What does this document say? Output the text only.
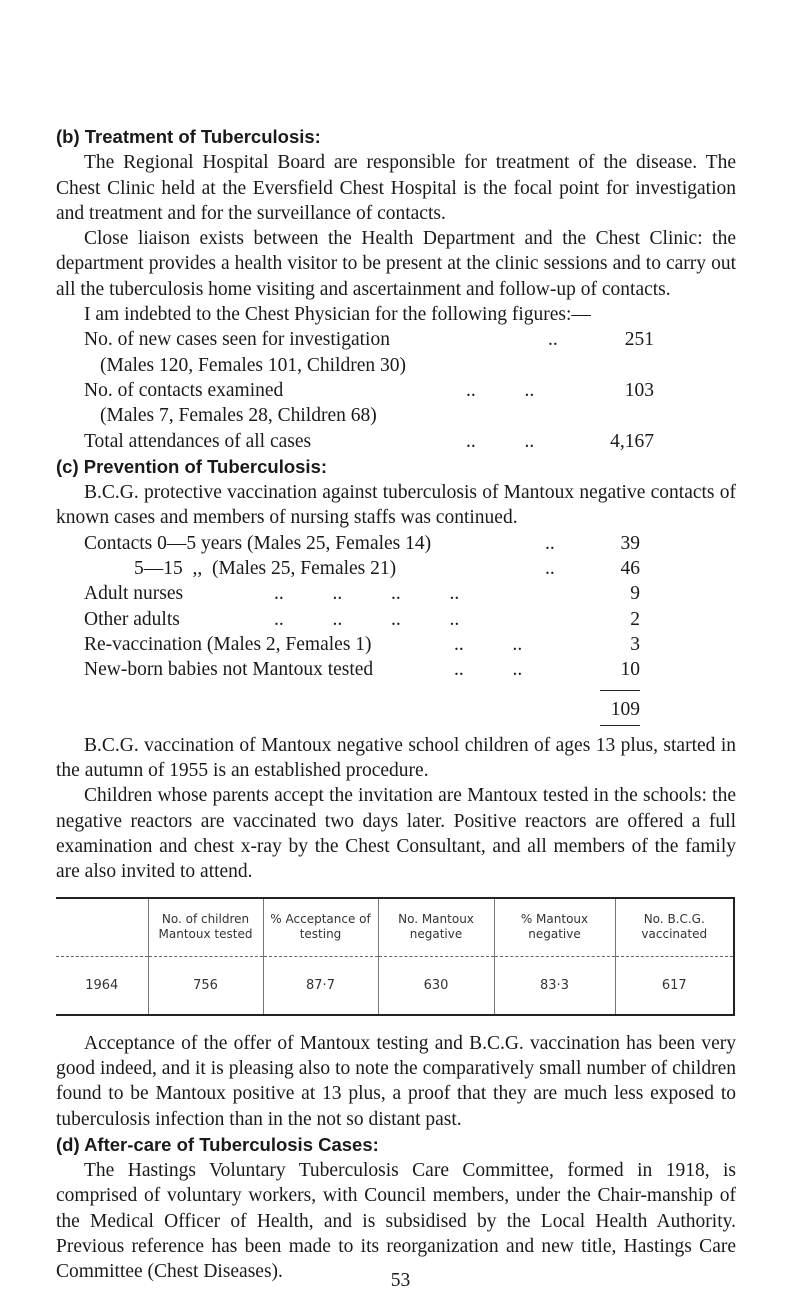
(b) Treatment of Tuberculosis:

The Regional Hospital Board are responsible for treatment of the disease. The Chest Clinic held at the Eversfield Chest Hospital is the focal point for investigation and treatment and for the surveillance of contacts.

Close liaison exists between the Health Department and the Chest Clinic: the department provides a health visitor to be present at the clinic sessions and to carry out all the tuberculosis home visiting and ascertainment and follow-up of contacts.

I am indebted to the Chest Physician for the following figures:—

No. of new cases seen for investigation	..	251
(Males 120, Females 101, Children 30)
No. of contacts examined	..          ..	103
(Males 7, Females 28, Children 68)
Total attendances of all cases	..          ..	4,167
(c) Prevention of Tuberculosis:

B.C.G. protective vaccination against tuberculosis of Mantoux negative contacts of known cases and members of nursing staffs was continued.

Contacts 0—5 years (Males 25, Females 14)	..	39
5—15  ,,  (Males 25, Females 21)	..	46
Adult nurses	..          ..          ..          ..	9
Other adults	..          ..          ..          ..	2
Re-vaccination (Males 2, Females 1)	..          ..	3
New-born babies not Mantoux tested	..          ..	10
109

B.C.G. vaccination of Mantoux negative school children of ages 13 plus, started in the autumn of 1955 is an established procedure.

Children whose parents accept the invitation are Mantoux tested in the schools: the negative reactors are vaccinated two days later. Positive reactors are offered a full examination and chest x-ray by the Chest Consultant, and all members of the family are also invited to attend.

	No. of children Mantoux tested	% Acceptance of testing	No. Mantoux negative	% Mantoux negative	No. B.C.G. vaccinated
1964	756	87·7	630	83·3	617

Acceptance of the offer of Mantoux testing and B.C.G. vaccination has been very good indeed, and it is pleasing also to note the comparatively small number of children found to be Mantoux positive at 13 plus, a proof that they are much less exposed to tuberculosis infection than in the not so distant past.

(d) After-care of Tuberculosis Cases:

The Hastings Voluntary Tuberculosis Care Committee, formed in 1918, is comprised of voluntary workers, with Council members, under the Chair-manship of the Medical Officer of Health, and is subsidised by the Local Health Authority. Previous reference has been made to its reorganization and new title, Hastings Care Committee (Chest Diseases).	53
